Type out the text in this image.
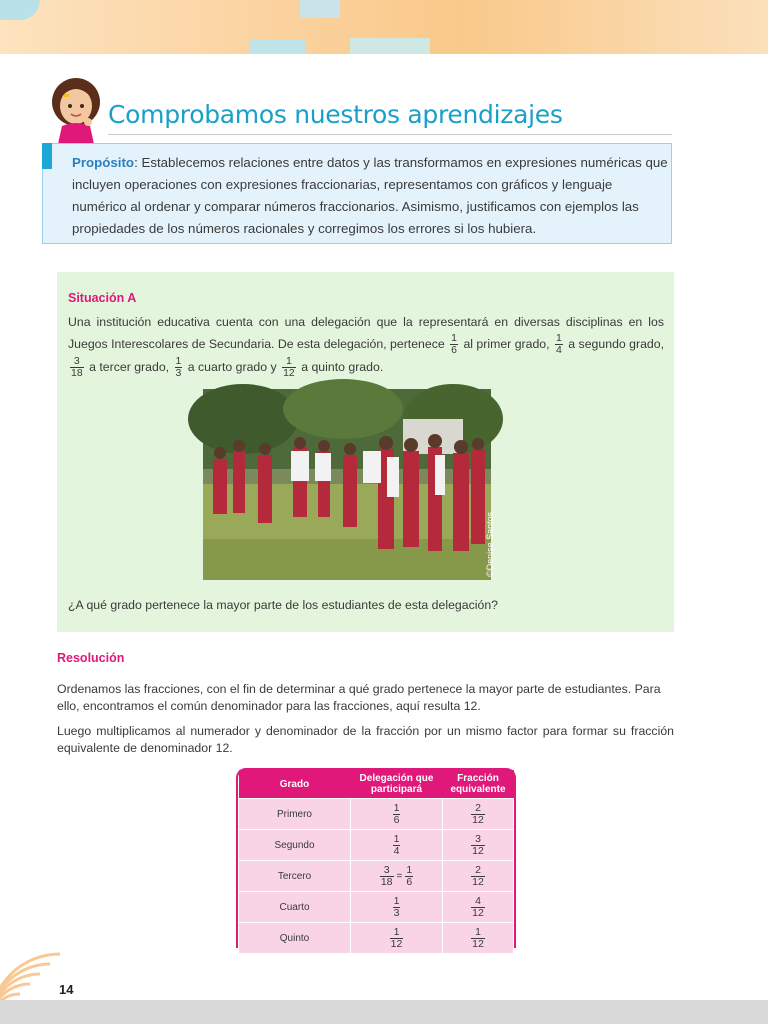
Comprobamos nuestros aprendizajes
Propósito: Establecemos relaciones entre datos y las transformamos en expresiones numéricas que incluyen operaciones con expresiones fraccionarias, representamos con gráficos y lenguaje numérico al ordenar y comparar números fraccionarios. Asimismo, justificamos con ejemplos las propiedades de los números racionales y corregimos los errores si los hubiera.
Situación A
Una institución educativa cuenta con una delegación que la representará en diversas disciplinas en los Juegos Interescolares de Secundaria. De esta delegación, pertenece $\frac{1}{6}$ al primer grado, $\frac{1}{4}$ a segundo grado,
$\frac{3}{18}$ a tercer grado, $\frac{1}{3}$ a cuarto grado y $\frac{1}{12}$ a quinto grado.
©Denise Santos
¿A qué grado pertenece la mayor parte de los estudiantes de esta delegación?
Resolución
Ordenamos las fracciones, con el fin de determinar a qué grado pertenece la mayor parte de estudiantes. Para ello, encontramos el común denominador para las fracciones, aquí resulta 12.
Luego multiplicamos al numerador y denominador de la fracción por un mismo factor para formar su fracción equivalente de denominador 12.
Grado	Delegación que participará	Fracción equivalente
Primero	$\frac{1}{6}$	$\frac{2}{12}$

Segundo	$\frac{1}{4}$	$\frac{3}{12}$

Tercero	$\frac{3}{18} = \frac{1}{6}$	$\frac{2}{12}$

Cuarto	$\frac{1}{3}$	$\frac{4}{12}$

Quinto	$\frac{1}{12}$	$\frac{1}{12}$
14
